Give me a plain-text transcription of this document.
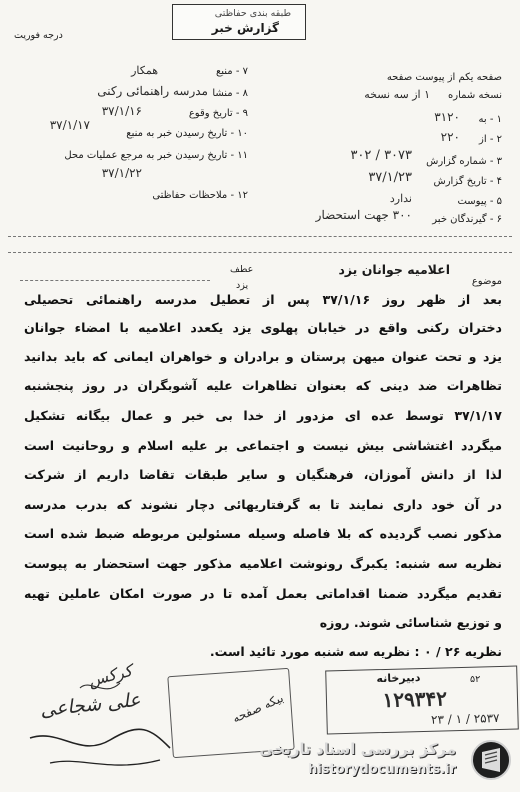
درجه فوریت
طبقه بندی حفاظتی
گزارش خبر
۷ - منبع
همکار
۸ - منشا
مدرسه راهنمائی رکنی
۹ - تاریخ وقوع
۳۷/۱/۱۶
۱۰ - تاریخ رسیدن خبر به منبع
۳۷/۱/۱۷
۱۱ - تاریخ رسیدن خبر به مرجع عملیات محل
۳۷/۱/۲۲
۱۲ - ملاحظات حفاظتی
صفحه یکم از پیوست صفحه
نسخه شماره
۱ از سه نسخه
۱ - به
۳۱۲۰
۲ - از
۲۲۰
۳ - شماره گزارش
۳۰۷۳ / ۳۰۲
۴ - تاریخ گزارش
۳۷/۱/۲۳
۵ - پیوست
ندارد
۶ - گیرندگان خبر
۳۰۰ جهت استحضار
موضوع
اعلامیه جوانان یزد
عطف
یزد
بعد از ظهر روز ۳۷/۱/۱۶ پس از تعطیل مدرسه راهنمائی تحصیلی
دختران رکنی واقع در خیابان پهلوی یزد یکعدد اعلامیه با امضاء جوانان
یزد و تحت عنوان میهن پرستان و برادران و خواهران ایمانی که باید بدانید
تظاهرات ضد دینی که بعنوان تظاهرات علیه آشوبگران در روز پنجشنبه
۳۷/۱/۱۷ توسط عده ای مزدور از خدا بی خبر و عمال بیگانه تشکیل
میگردد اغتشاشی بیش نیست و اجتماعی بر علیه اسلام و روحانیت است
لذا از دانش آموزان، فرهنگیان و سایر طبقات تقاضا داریم از شرکت
در آن خود داری نمایند تا به گرفتاریهائی دچار نشوند که بدرب مدرسه
مذکور نصب گردیده که بلا فاصله وسیله مسئولین مربوطه ضبط شده است
نظریه سه شنبه: یکبرگ رونوشت اعلامیه مذکور جهت استحضار به پیوست
تقدیم میگردد ضمنا اقداماتی بعمل آمده تا در صورت امکان عاملین تهیه
و توزیع شناسائی شوند. روزه
نظریه ۲۶ / ۰ : نظریه سه شنبه مورد تائید است.
کرکس
علی شجاعی
دبیرخانه
۱۲۹۳۴۲
۲۵۳۷ / ۱ / ۲۳
بیکه صفحه
۵۲
مرکز بررسی اسناد تاریخی
historydocuments.ir
